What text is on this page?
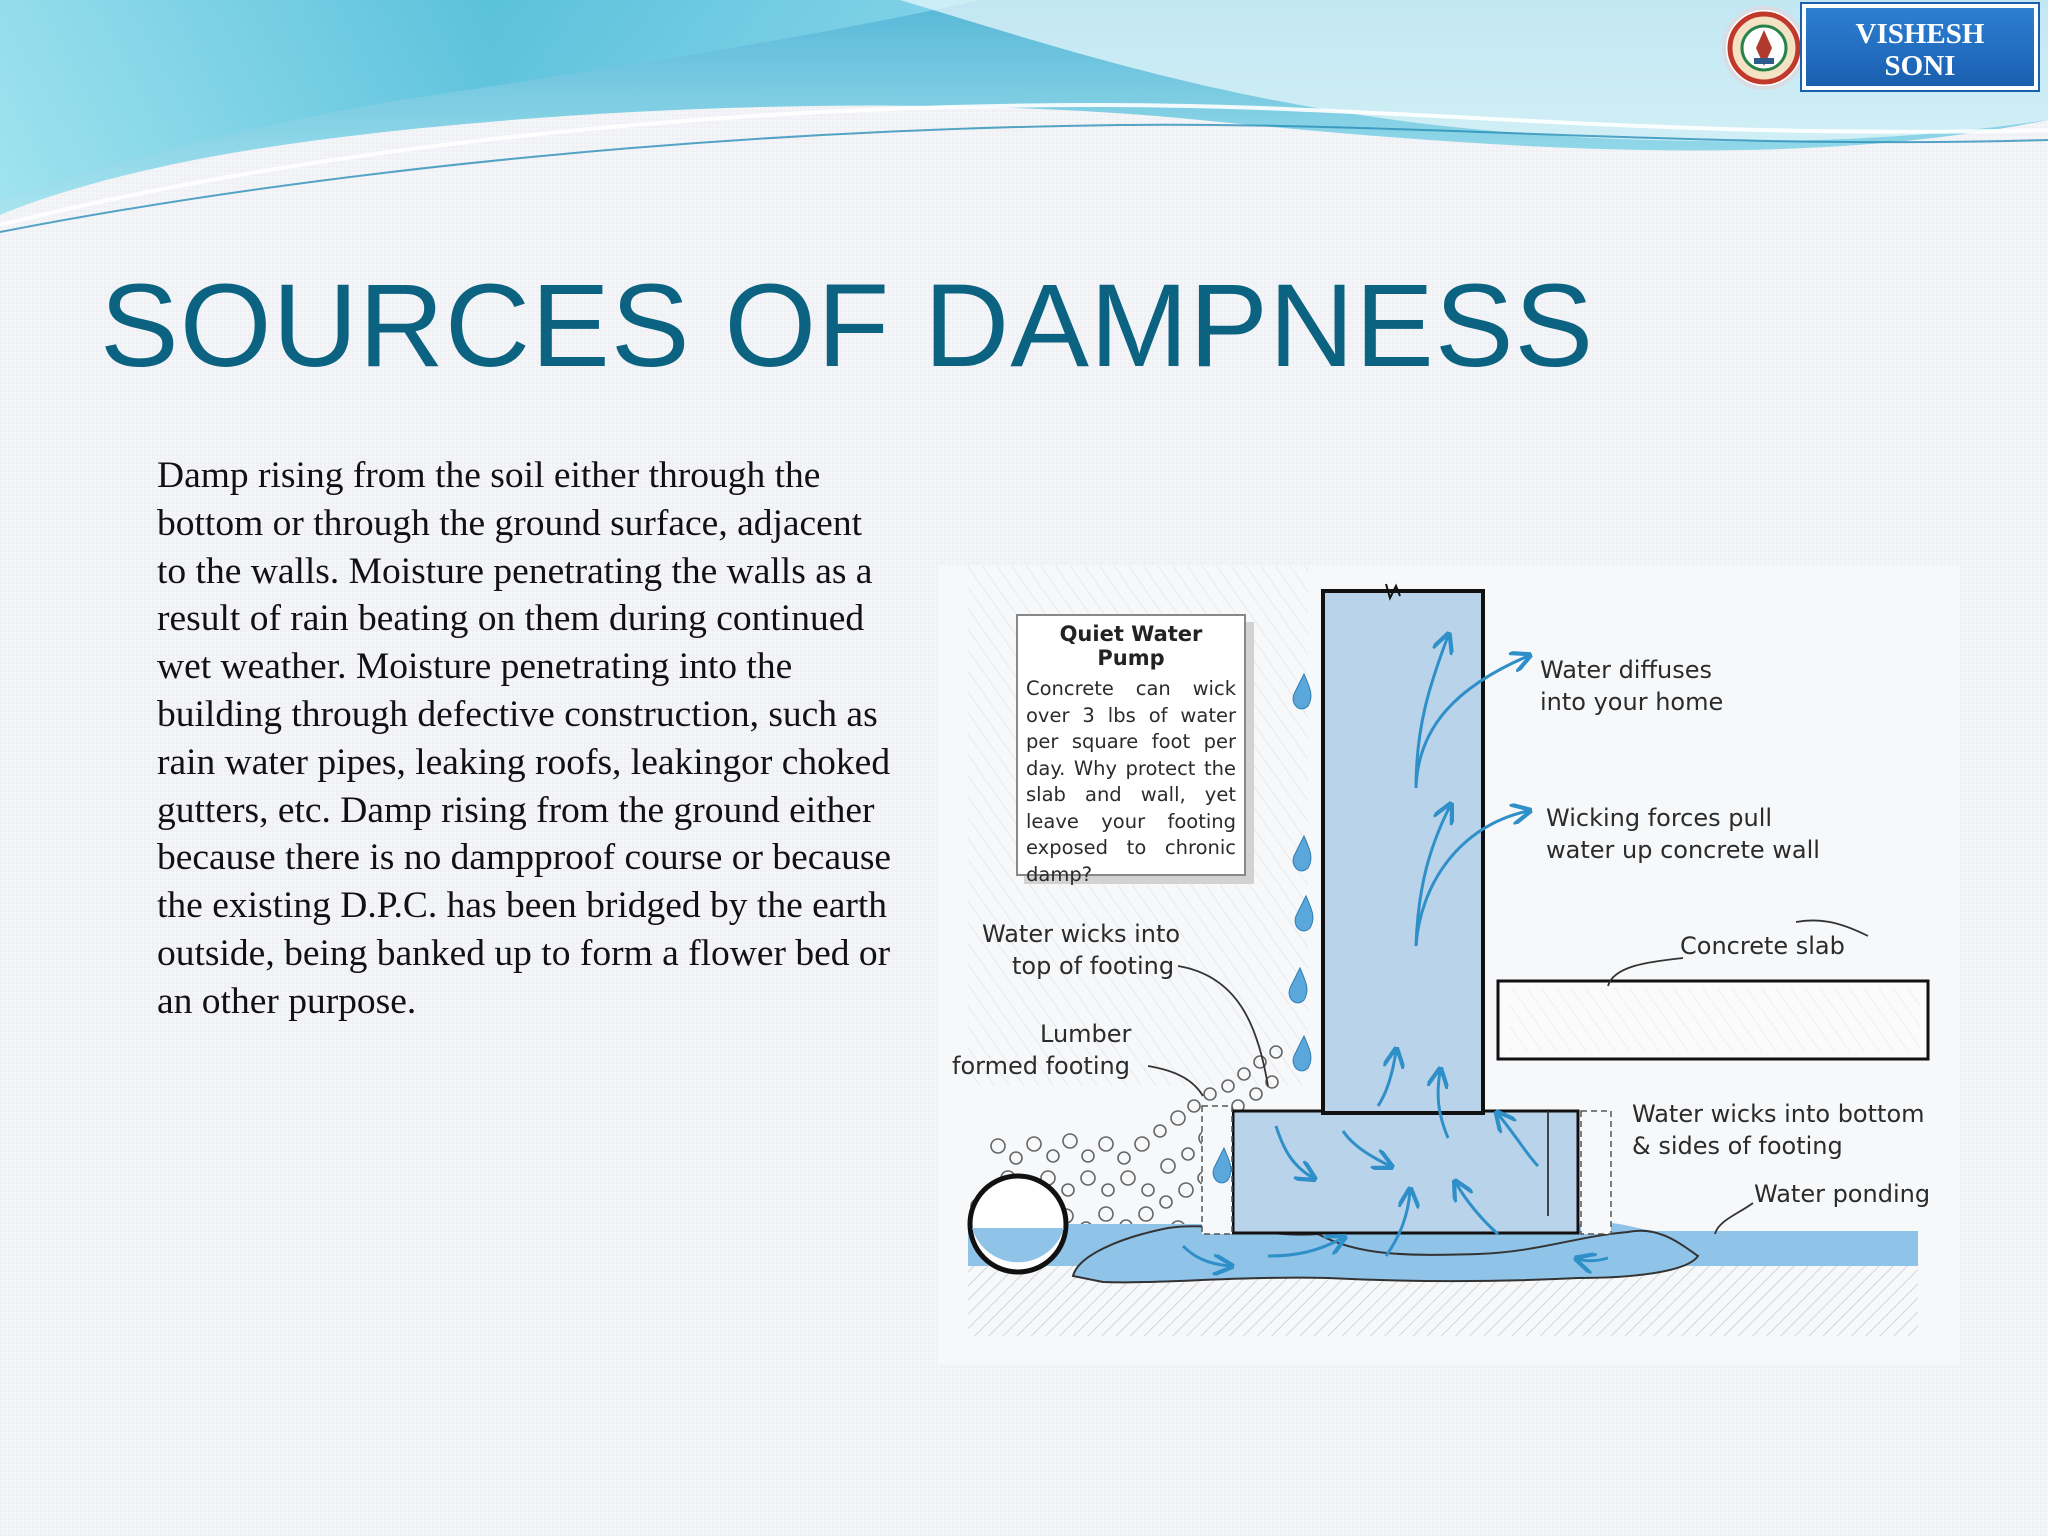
VISHESH
SONI
SOURCES OF DAMPNESS

Damp rising from the soil either through the bottom or through the ground surface, adjacent to the walls. Moisture penetrating the walls as a result of rain beating on them during continued wet weather. Moisture penetrating into the building through defective construction, such as rain water pipes, leaking roofs, leakingor choked gutters, etc. Damp rising from the ground either because there is no dampproof course or because the existing D.P.C. has been bridged by the earth outside, being banked up to form a flower bed or an other purpose.

Quiet Water Pump

Concrete can wick over 3 lbs of water per square foot per day. Why protect the slab and wall, yet leave your footing exposed to chronic damp?

Water diffuses
into your home
Wicking forces pull
water up concrete wall
Concrete slab
Water wicks into
top of footing
Lumber
formed footing
Water wicks into bottom
& sides of footing
Water ponding
